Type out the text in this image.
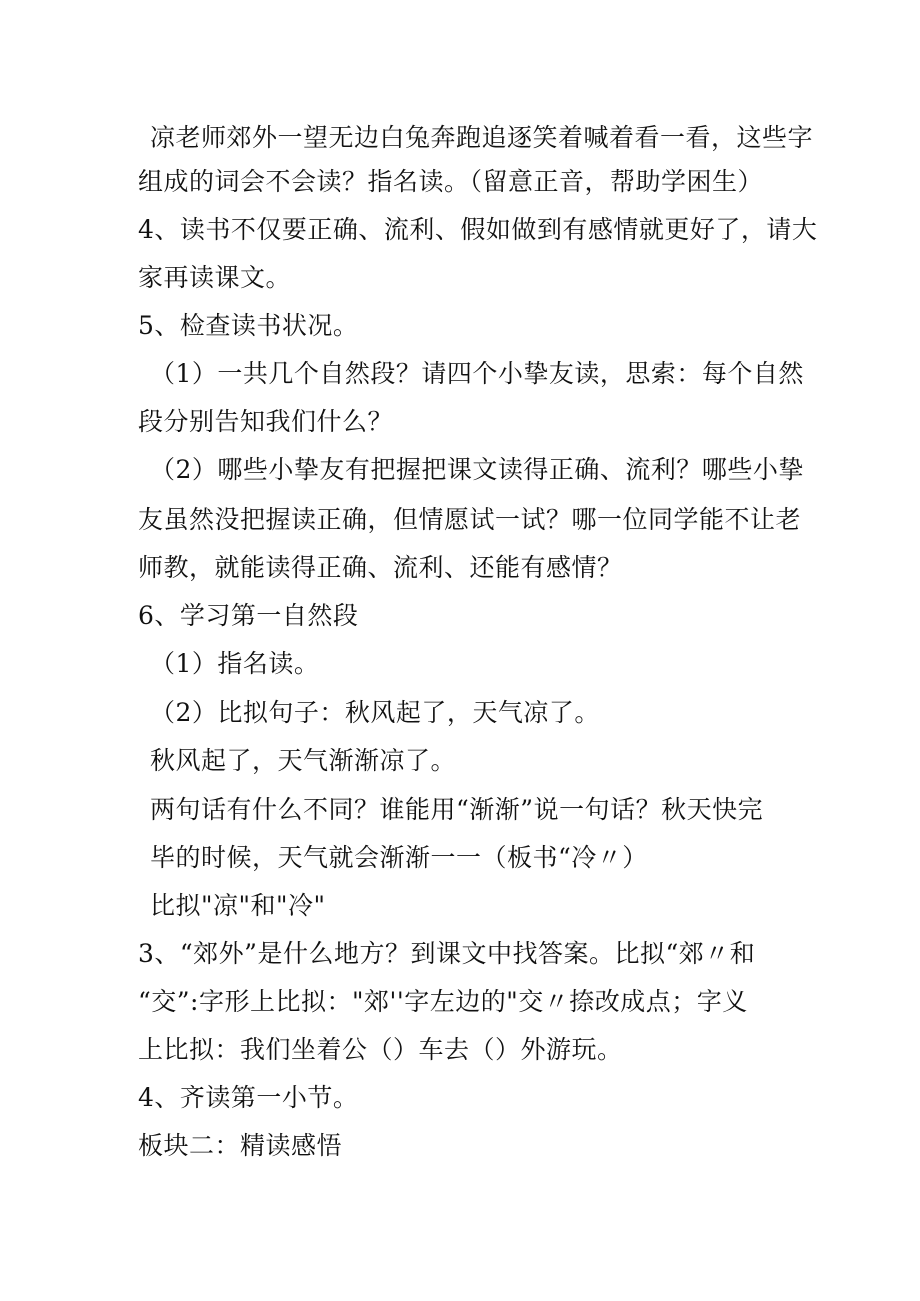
凉老师郊外一望无边白兔奔跑追逐笑着喊着看一看，这些字
组成的词会不会读？指名读。（留意正音，帮助学困生）
4、读书不仅要正确、流利、假如做到有感情就更好了，请大
家再读课文。
5、检查读书状况。
（1）一共几个自然段？请四个小挚友读，思索：每个自然
段分别告知我们什么？
（2）哪些小挚友有把握把课文读得正确、流利？哪些小挚
友虽然没把握读正确，但情愿试一试？哪一位同学能不让老
师教，就能读得正确、流利、还能有感情？
6、学习第一自然段
（1）指名读。
（2）比拟句子：秋风起了，天气凉了。
秋风起了，天气渐渐凉了。
两句话有什么不同？谁能用“渐渐”说一句话？秋天快完
毕的时候，天气就会渐渐一一（板书“冷〃）
比拟"凉"和"冷"
3、“郊外”是什么地方？到课文中找答案。比拟“郊〃和
“交”:字形上比拟："郊''字左边的"交〃捺改成点；字义
上比拟：我们坐着公（）车去（）外游玩。
4、齐读第一小节。
板块二：精读感悟
